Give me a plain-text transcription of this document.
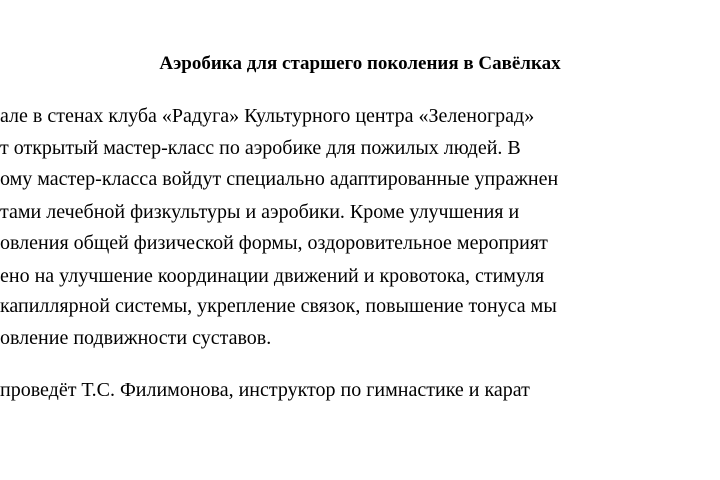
Аэробика для старшего поколения в Савёлках
але в стенах клуба «Радуга» Культурного центра «Зеленоград»
т открытый мастер-класс по аэробике для пожилых людей. В
ому мастер-класса войдут специально адаптированные упражнен
тами лечебной физкультуры и аэробики. Кроме улучшения и
овления общей физической формы, оздоровительное мероприят
ено на улучшение координации движений и кровотока, стимуля
капиллярной системы, укрепление связок, повышение тонуса мы
овление подвижности суставов.
проведёт Т.С. Филимонова, инструктор по гимнастике и карат
